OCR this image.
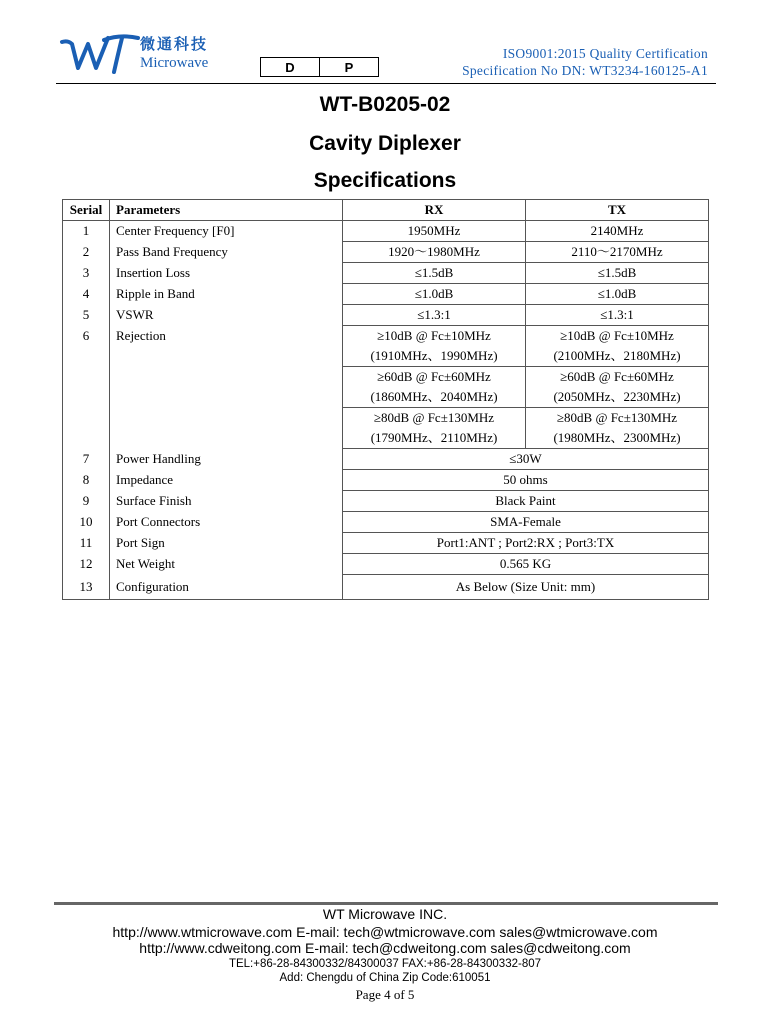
微通科技
Microwave	D	P
ISO9001:2015 Quality Certification
Specification No DN: WT3234-160125-A1
WT-B0205-02
Cavity Diplexer
Specifications
Serial	Parameters	RX	TX
1	Center Frequency [F0]	1950MHz	2140MHz
2	Pass Band Frequency	1920～1980MHz	2110～2170MHz
3	Insertion Loss	≤1.5dB	≤1.5dB
4	Ripple in Band	≤1.0dB	≤1.0dB
5	VSWR	≤1.3:1	≤1.3:1
6	Rejection	≥10dB @ Fc±10MHz	≥10dB @ Fc±10MHz
		(1910MHz、1990MHz)	(2100MHz、2180MHz)
		≥60dB @ Fc±60MHz	≥60dB @ Fc±60MHz
		(1860MHz、2040MHz)	(2050MHz、2230MHz)
		≥80dB @ Fc±130MHz	≥80dB @ Fc±130MHz
		(1790MHz、2110MHz)	(1980MHz、2300MHz)
7	Power Handling	≤30W	
8	Impedance	50 ohms	
9	Surface Finish	Black Paint	
10	Port Connectors	SMA-Female	
11	Port Sign	Port1:ANT ; Port2:RX ; Port3:TX	
12	Net Weight	0.565 KG	
13	Configuration	As Below (Size Unit: mm)	
WT Microwave INC.
http://www.wtmicrowave.com E-mail: tech@wtmicrowave.com sales@wtmicrowave.com
http://www.cdweitong.com E-mail: tech@cdweitong.com sales@cdweitong.com
TEL:+86-28-84300332/84300037 FAX:+86-28-84300332-807
Add: Chengdu of China Zip Code:610051
Page 4 of 5
